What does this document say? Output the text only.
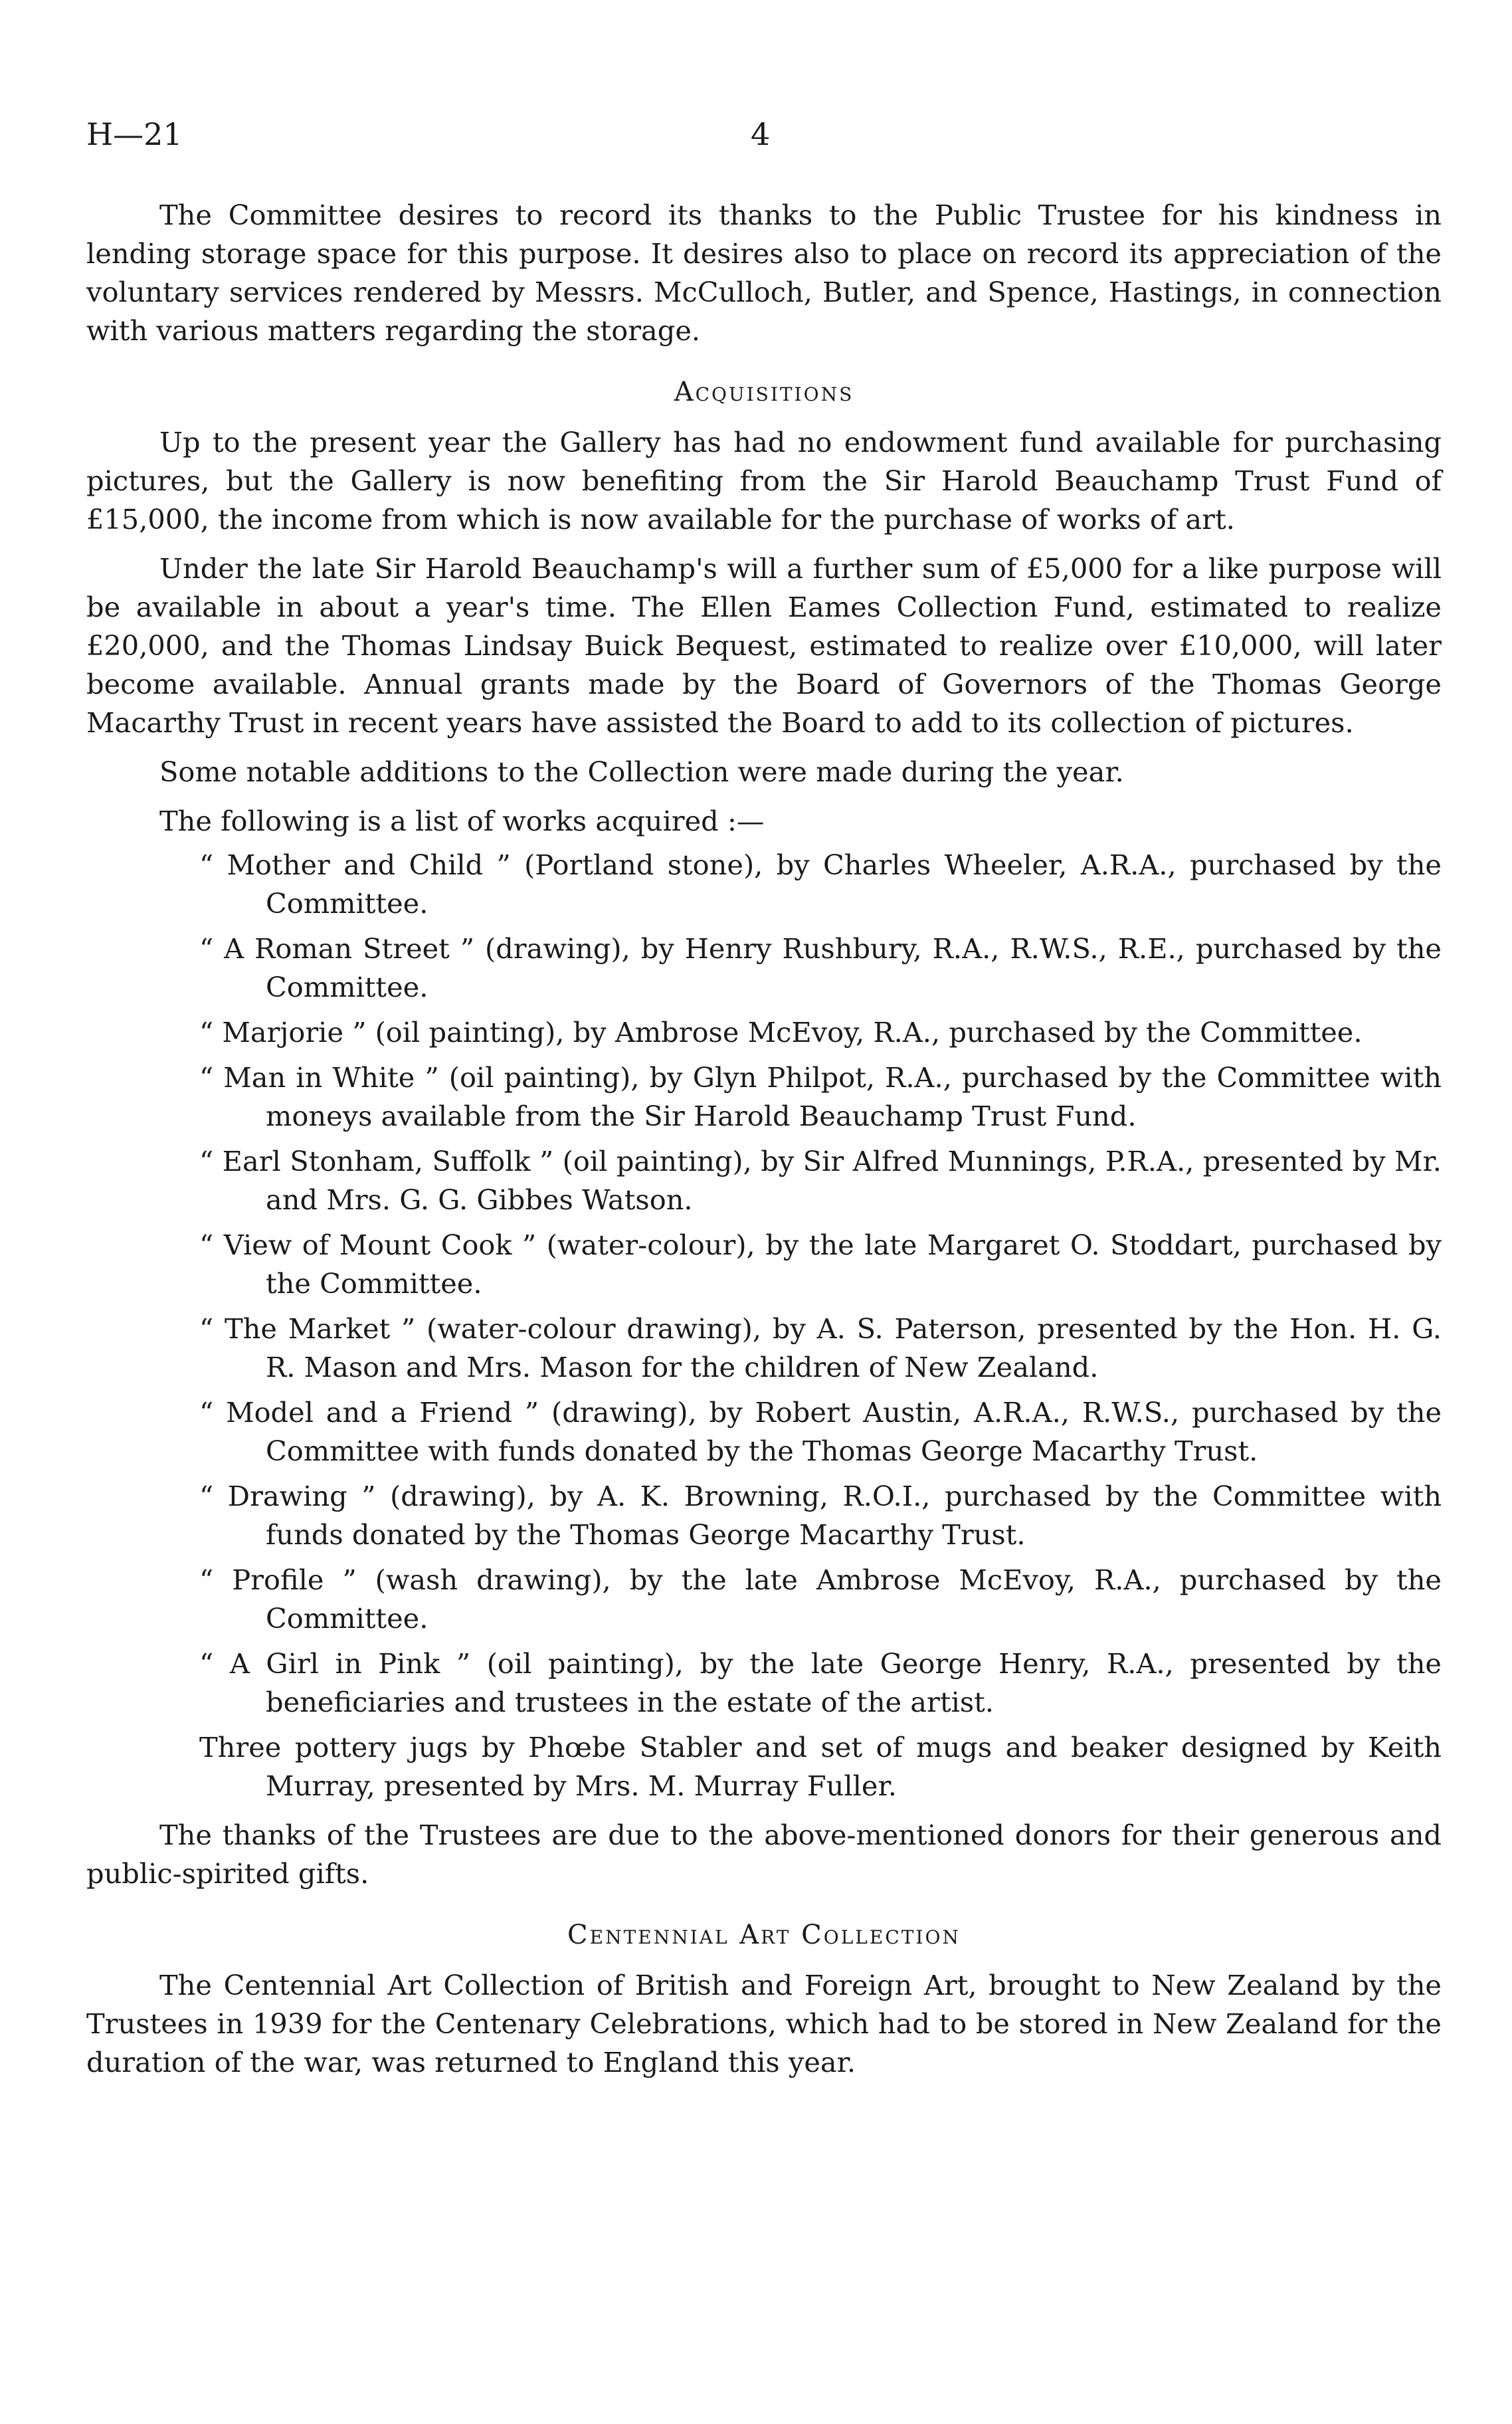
H—21	4

The Committee desires to record its thanks to the Public Trustee for his kindness in lending storage space for this purpose. It desires also to place on record its appreciation of the voluntary services rendered by Messrs. McCulloch, Butler, and Spence, Hastings, in connection with various matters regarding the storage.

Acquisitions

Up to the present year the Gallery has had no endowment fund available for purchasing pictures, but the Gallery is now benefiting from the Sir Harold Beauchamp Trust Fund of £15,000, the income from which is now available for the purchase of works of art.

Under the late Sir Harold Beauchamp's will a further sum of £5,000 for a like purpose will be available in about a year's time. The Ellen Eames Collection Fund, estimated to realize £20,000, and the Thomas Lindsay Buick Bequest, estimated to realize over £10,000, will later become available. Annual grants made by the Board of Governors of the Thomas George Macarthy Trust in recent years have assisted the Board to add to its collection of pictures.

Some notable additions to the Collection were made during the year.

The following is a list of works acquired :—

“ Mother and Child ” (Portland stone), by Charles Wheeler, A.R.A., purchased by the Committee.
“ A Roman Street ” (drawing), by Henry Rushbury, R.A., R.W.S., R.E., purchased by the Committee.
“ Marjorie ” (oil painting), by Ambrose McEvoy, R.A., purchased by the Committee.
“ Man in White ” (oil painting), by Glyn Philpot, R.A., purchased by the Committee with moneys available from the Sir Harold Beauchamp Trust Fund.
“ Earl Stonham, Suffolk ” (oil painting), by Sir Alfred Munnings, P.R.A., presented by Mr. and Mrs. G. G. Gibbes Watson.
“ View of Mount Cook ” (water-colour), by the late Margaret O. Stoddart, purchased by the Committee.
“ The Market ” (water-colour drawing), by A. S. Paterson, presented by the Hon. H. G. R. Mason and Mrs. Mason for the children of New Zealand.
“ Model and a Friend ” (drawing), by Robert Austin, A.R.A., R.W.S., purchased by the Committee with funds donated by the Thomas George Macarthy Trust.
“ Drawing ” (drawing), by A. K. Browning, R.O.I., purchased by the Committee with funds donated by the Thomas George Macarthy Trust.
“ Profile ” (wash drawing), by the late Ambrose McEvoy, R.A., purchased by the Committee.
“ A Girl in Pink ” (oil painting), by the late George Henry, R.A., presented by the beneficiaries and trustees in the estate of the artist.
Three pottery jugs by Phœbe Stabler and set of mugs and beaker designed by Keith Murray, presented by Mrs. M. Murray Fuller.

The thanks of the Trustees are due to the above-mentioned donors for their generous and public-spirited gifts.

Centennial Art Collection

The Centennial Art Collection of British and Foreign Art, brought to New Zealand by the Trustees in 1939 for the Centenary Celebrations, which had to be stored in New Zealand for the duration of the war, was returned to England this year.
